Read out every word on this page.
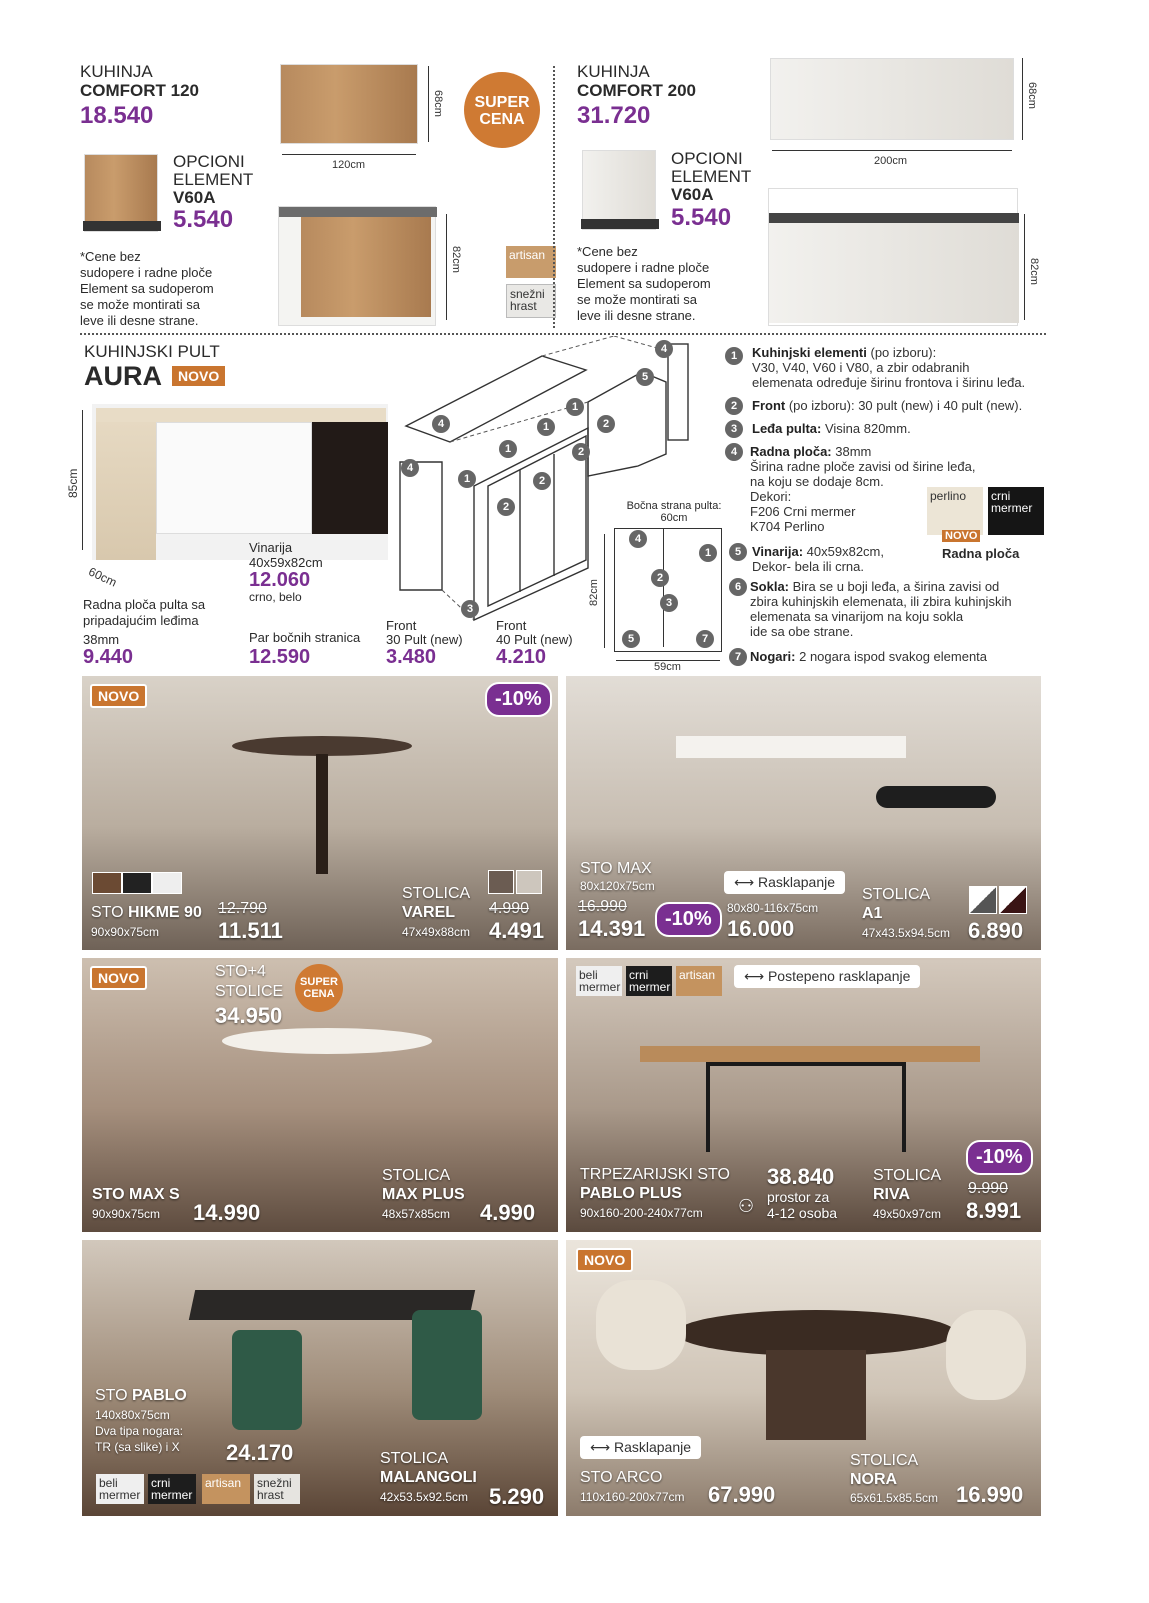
KUHINJA
COMFORT 120
18.540	68cm
120cm
82cm
OPCIONI
ELEMENT
V60A
5.540
*Cene bez
sudopere i radne ploče
Element sa sudoperom
se može montirati sa
leve ili desne strane.
SUPER
CENA
artisan
snežni
hrast
KUHINJA
COMFORT 200
31.720
68cm
200cm
82cm
OPCIONI
ELEMENT
V60A
5.540
*Cene bez
sudopere i radne ploče
Element sa sudoperom
se može montirati sa
leve ili desne strane.
KUHINJSKI PULT
AURA	NOVO
85cm
60cm
Radna ploča pulta sa
pripadajućim leđima
38mm
9.440
Vinarija
40x59x82cm
12.060
crno, belo
Par bočnih stranica
12.590
Front
30 Pult (new)
3.480
Front
40 Pult (new)
4.210
4
4
1
1
1
1
2
2
2
2
3
5
4
Bočna strana pulta:
60cm
82cm
59cm
4
1
2
3
5	7
1	Kuhinjski elementi (po izboru):
V30, V40, V60 i V80, a zbir odabranih
elemenata određuje širinu frontova i širinu leđa.
2	Front (po izboru): 30 pult (new) i 40 pult (new).
3	Leđa pulta: Visina 820mm.
4 Radna ploča: 38mm
Širina radne ploče zavisi od širine leđa,
na koju se dodaje 8cm.
Dekori:
F206 Crni mermer
K704 Perlino
perlino	crni
mermer
NOVO
Radna ploča
5 Vinarija: 40x59x82cm,
Dekor- bela ili crna.
6 Sokla: Bira se u boji leđa, a širina zavisi od
zbira kuhinjskih elemenata, ili zbira kuhinjskih
elemenata sa vinarijom na koju sokla
ide sa obe strane.
7 Nogari: 2 nogara ispod svakog elementa
NOVO	-10%
STO HIKME 90
90x90x75cm
12.790
11.511
STOLICA
VAREL
47x49x88cm
4.990
4.491
STO MAX
80x120x75cm
16.990
14.391 -10%
⟷ Rasklapanje
80x80-116x75cm
16.000
STOLICA
A1
47x43.5x94.5cm 6.890
NOVO	STO+4
STOLICE
34.950
SUPER
CENA
STO MAX S
90x90x75cm 14.990
STOLICA
MAX PLUS
48x57x85cm 4.990
beli
mermer
crni
mermer
artisan	⟷ Postepeno rasklapanje
-10%
TRPEZARIJSKI STO
PABLO PLUS
90x160-200-240x77cm
38.840
⚇ prostor za
4-12 osoba
STOLICA
RIVA
49x50x97cm
9.990
8.991
STO PABLO
140x80x75cm
Dva tipa nogara:
TR (sa slike) i X 24.170
beli
mermer
crni
mermer
artisan	snežni
hrast
STOLICA
MALANGOLI
42x53.5x92.5cm 5.290
NOVO
⟷ Rasklapanje
STO ARCO
110x160-200x77cm 67.990
STOLICA
NORA
65x61.5x85.5cm 16.990
